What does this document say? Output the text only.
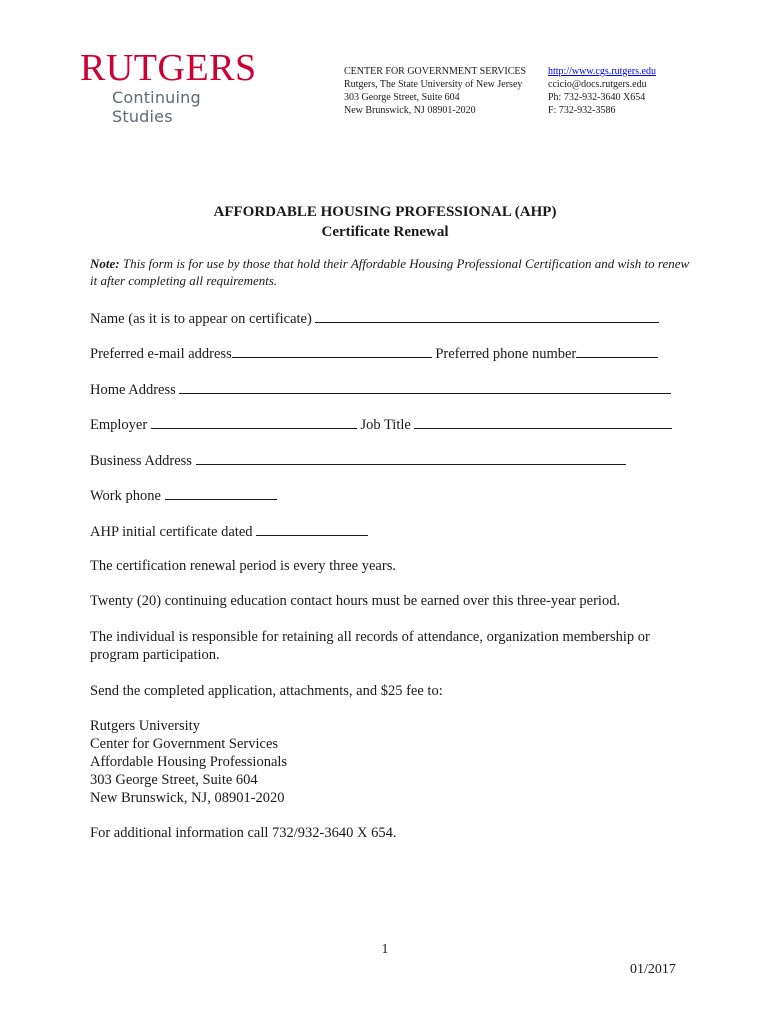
RUTGERS
Continuing Studies
CENTER FOR GOVERNMENT SERVICES
Rutgers, The State University of New Jersey
303 George Street, Suite 604
New Brunswick, NJ 08901-2020
http://www.cgs.rutgers.edu
ccicio@docs.rutgers.edu
Ph: 732-932-3640 X654
F: 732-932-3586
AFFORDABLE HOUSING PROFESSIONAL (AHP)
Certificate Renewal
Note: This form is for use by those that hold their Affordable Housing Professional Certification and wish to renew it after completing all requirements.
Name (as it is to appear on certificate)
Preferred e-mail address	Preferred phone number
Home Address
Employer	Job Title
Business Address
Work phone
AHP initial certificate dated
The certification renewal period is every three years.
Twenty (20) continuing education contact hours must be earned over this three-year period.
The individual is responsible for retaining all records of attendance, organization membership or program participation.
Send the completed application, attachments, and $25 fee to:
Rutgers University
Center for Government Services
Affordable Housing Professionals
303 George Street, Suite 604
New Brunswick, NJ, 08901-2020
For additional information call 732/932-3640 X 654.
1
01/2017
